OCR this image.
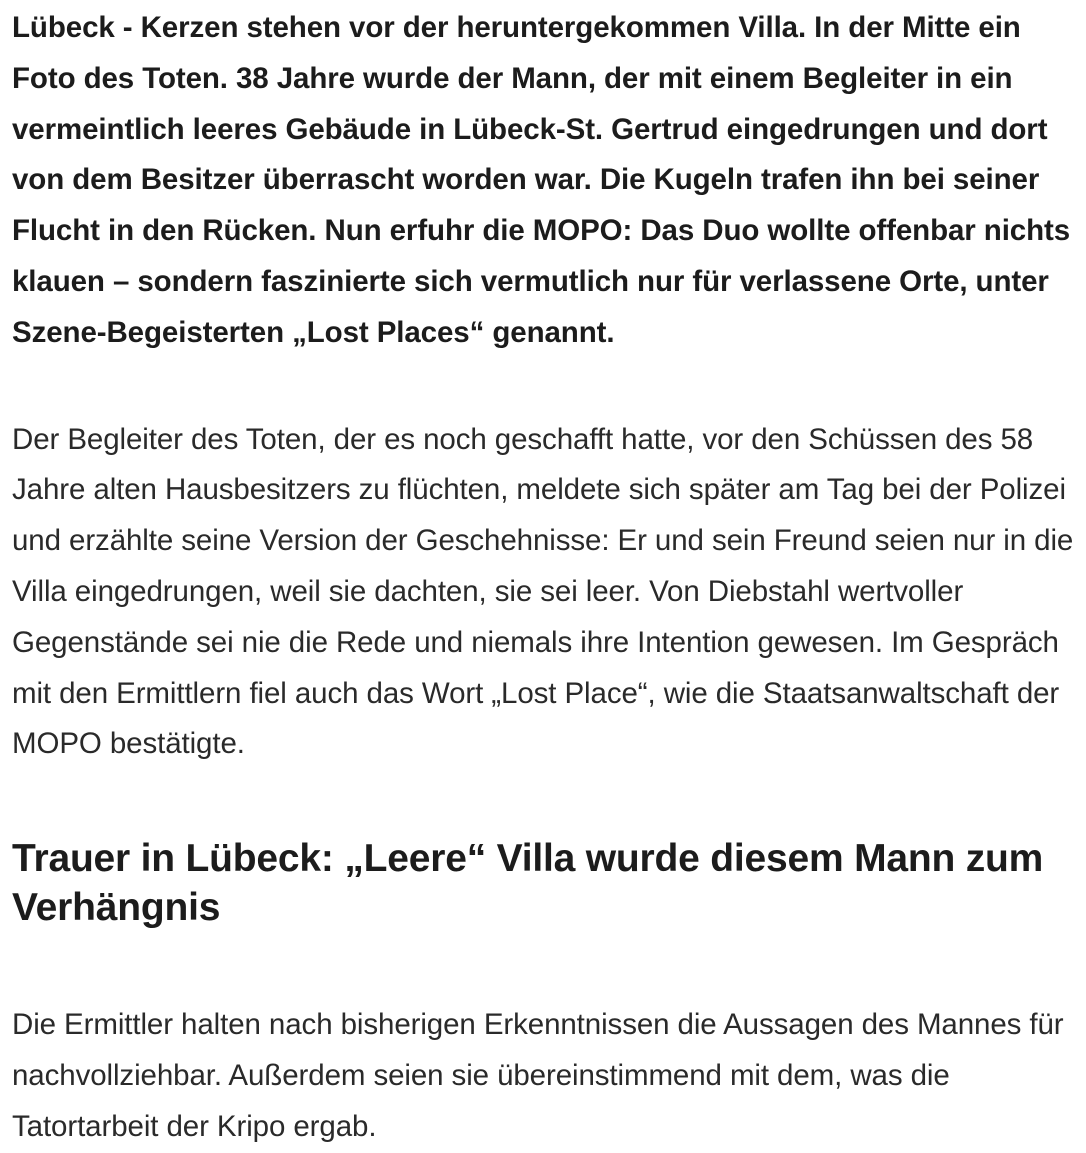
Lübeck - Kerzen stehen vor der heruntergekommen Villa. In der Mitte ein Foto des Toten. 38 Jahre wurde der Mann, der mit einem Begleiter in ein vermeintlich leeres Gebäude in Lübeck-St. Gertrud eingedrungen und dort von dem Besitzer überrascht worden war. Die Kugeln trafen ihn bei seiner Flucht in den Rücken. Nun erfuhr die MOPO: Das Duo wollte offenbar nichts klauen – sondern faszinierte sich vermutlich nur für verlassene Orte, unter Szene-Begeisterten „Lost Places“ genannt.

Der Begleiter des Toten, der es noch geschafft hatte, vor den Schüssen des 58 Jahre alten Hausbesitzers zu flüchten, meldete sich später am Tag bei der Polizei und erzählte seine Version der Geschehnisse: Er und sein Freund seien nur in die Villa eingedrungen, weil sie dachten, sie sei leer. Von Diebstahl wertvoller Gegenstände sei nie die Rede und niemals ihre Intention gewesen. Im Gespräch mit den Ermittlern fiel auch das Wort „Lost Place“, wie die Staatsanwaltschaft der MOPO bestätigte.

Trauer in Lübeck: „Leere“ Villa wurde diesem Mann zum Verhängnis

Die Ermittler halten nach bisherigen Erkenntnissen die Aussagen des Mannes für nachvollziehbar. Außerdem seien sie übereinstimmend mit dem, was die Tatortarbeit der Kripo ergab.
